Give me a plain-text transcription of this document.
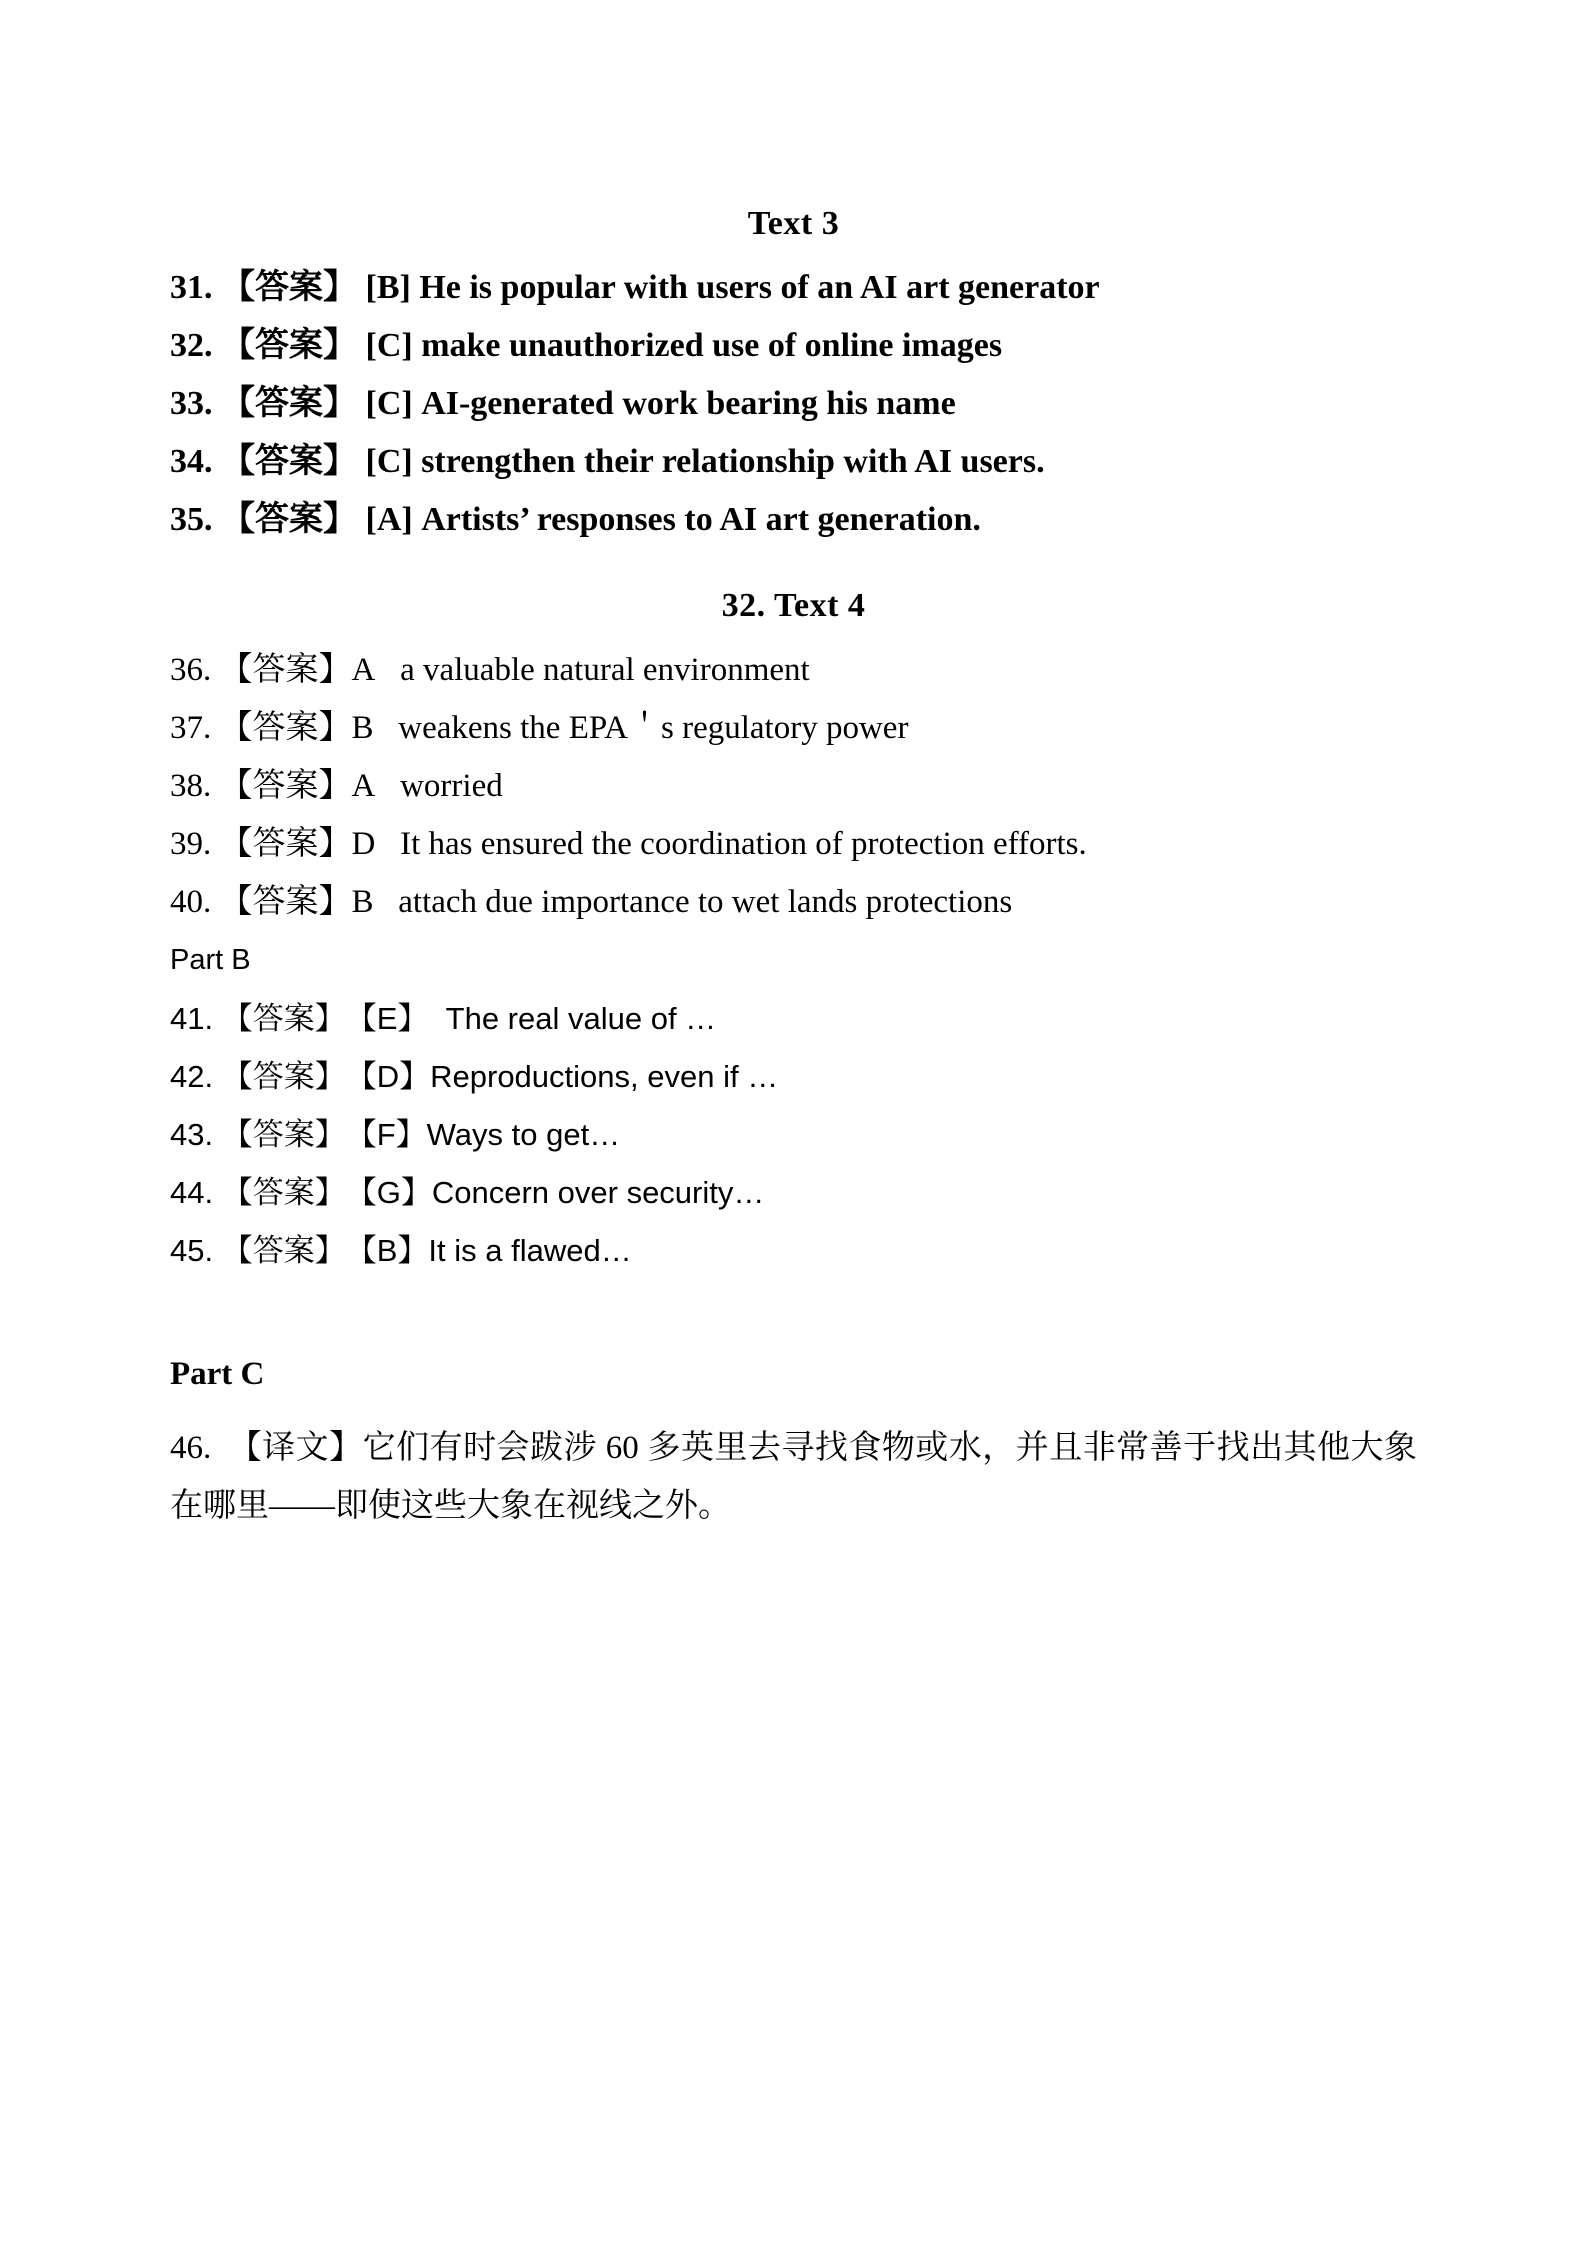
Text 3
31.
【答案】
[B]
He is popular with users of an AI art generator
32.
【答案】
[C]
make unauthorized use of online images
33.
【答案】
[C]
AI-generated work bearing his name
34.
【答案】
[C]
strengthen their relationship with AI users.
35.
【答案】
[A]
Artists’ responses to AI art generation.
32. Text 4
36.
【答案】 A
a valuable natural environment
37.
【答案】 B
weakens the EPA＇s regulatory power
38.
【答案】 A
worried
39.
【答案】 D
It has ensured the coordination of protection efforts.
40.
【答案】 B
attach due importance to wet lands protections
Part B
41.
【答案】 【E】
The real value of …
42.
【答案】 【D】 Reproductions, even if …
43.
【答案】 【F】 Ways to get…
44.
【答案】 【G】 Concern over security…
45.
【答案】 【B】 It is a flawed…
Part C
46. 【译文】它们有时会跋涉 60 多英里去寻找食物或水，并且非常善于找出其他大象在哪里——即使这些大象在视线之外。
